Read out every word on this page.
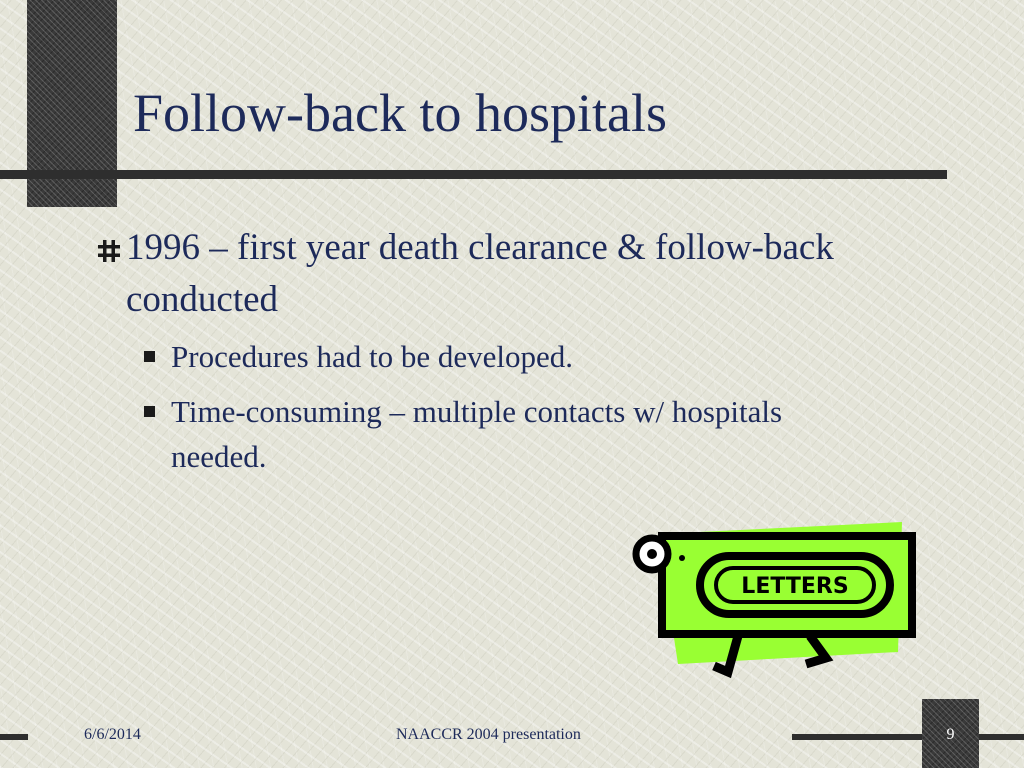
Follow-back to hospitals
1996 – first year death clearance & follow-back conducted
Procedures had to be developed.
Time-consuming – multiple contacts w/ hospitals needed.
LETTERS
6/6/2014	NAACCR 2004 presentation	9
